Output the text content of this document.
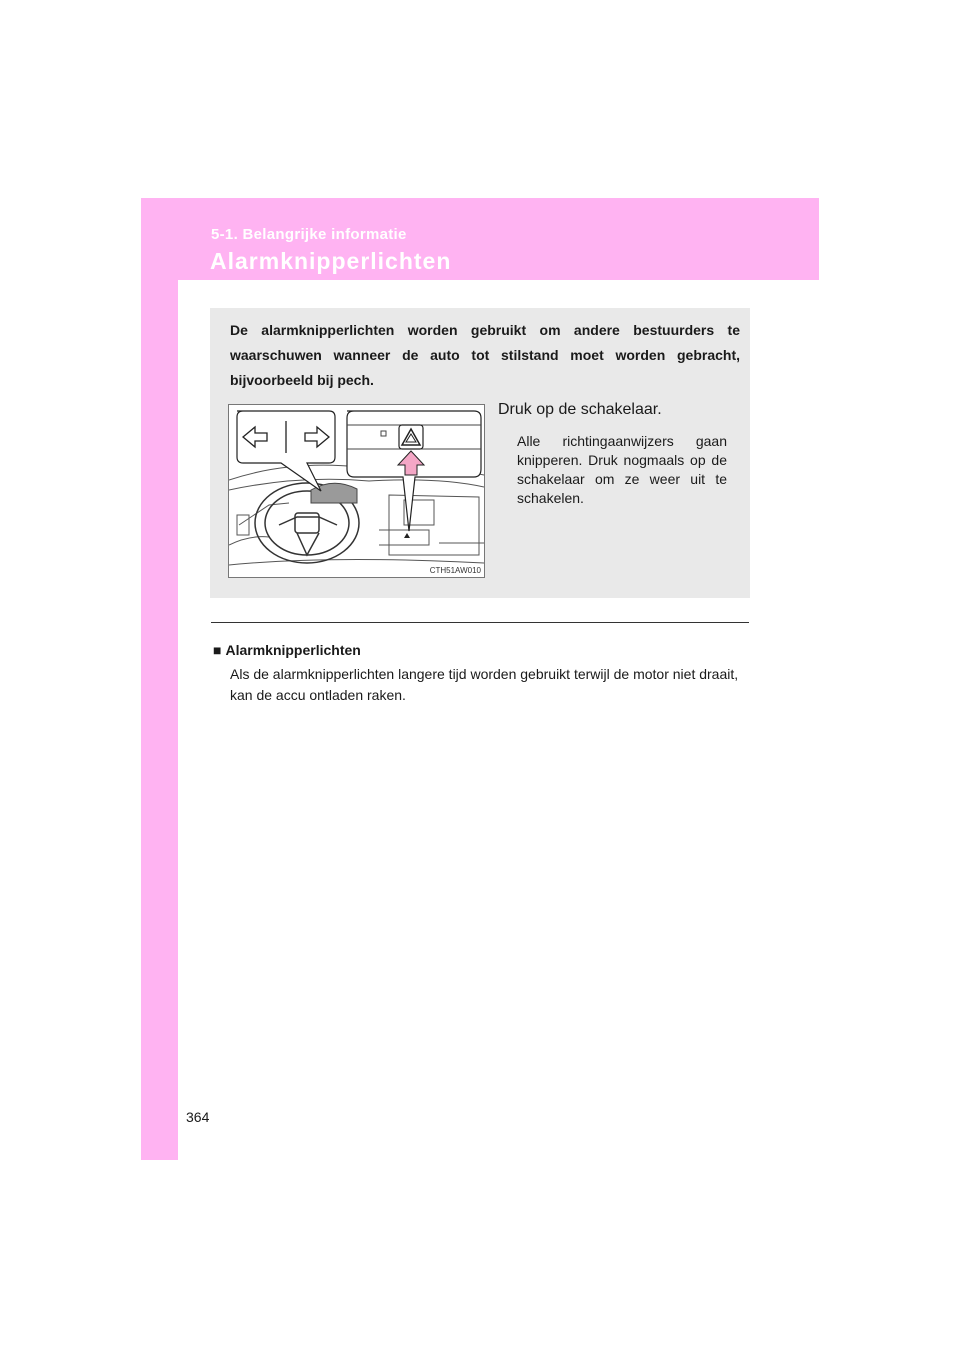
5-1. Belangrijke informatie
Alarmknipperlichten

De alarmknipperlichten worden gebruikt om andere bestuurders te waarschuwen wanneer de auto tot stilstand moet worden gebracht, bijvoorbeeld bij pech.

CTH51AW010
Druk op de schakelaar.

Alle richtingaanwijzers gaan knipperen. Druk nogmaals op de schakelaar om ze weer uit te schakelen.

■ Alarmknipperlichten

Als de alarmknipperlichten langere tijd worden gebruikt terwijl de motor niet draait, kan de accu ontladen raken.

364
